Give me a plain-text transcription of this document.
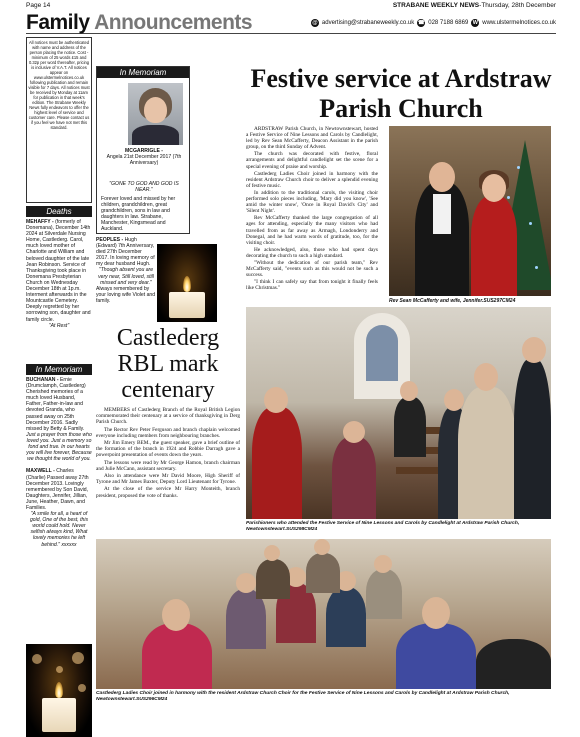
Page 14	STRABANE WEEKLY NEWS-Thursday, 28th December
Family Announcements	@ advertising@strabaneweekly.co.uk ☎ 028 7188 6869 W www.ulstermelnotices.co.uk
All notices must be authenticated with name and address of the person placing the notice. Cost - minimum of 25 words £15 and 0.32p per word thereafter, pricing is inclusive of V.A.T. All notices appear on www.ulstermelnotices.co.uk following publication and remain visible for 7 days. All notices must be received by Monday at 11am for publication in that week's edition. The Strabane Weekly News fully endeavors to offer the highest level of service and customer care. Please contact us if you feel we have not met this standard.
Deaths
MEHAFFY - (formerly of Donemana), December 14th 2024 at Silverdale Nursing Home, Castlederg. Carol, much loved mother of Charlotte and William and beloved daughter of the late Jean Robinson. Service of Thanksgiving took place in Donemana Presbyterian Church on Wednesday December 18th at 1p.m. Interment afterwards in the Mountcastle Cemetery. Deeply regretted by her sorrowing son, daughter and family circle.
"At Rest"
In Memoriam
BUCHANAN - Ernie (Drumclamph, Castlederg) Cherished memories of a much loved Husband, Father, Father-in-law and devoted Granda, who passed away on 25th December 2016. Sadly missed by Betty & Family.
Just a prayer from those who loved you. Just a memory so fond and true. In our hearts you will live forever, Because we thought the world of you.

MAXWELL - Charles (Charlie) Passed away 27th December 2013. Lovingly remembered by Son David, Daughters, Jennifer, Jillian, June, Heather, Dawn, and Families.
"A smile for all, a heart of gold, One of the best, this world could hold. Never selfish always kind, What lovely memories he left behind." xxxxxx
In Memoriam
MCGARRIGLE -
Angela 21st December 2017 (7th Anniversary)
"GONE TO GOD AND GOD IS NEAR."
Forever loved and missed by her children, grandchildren, great grandchildren, sons in law and daughters in law. Strabane, Manchester, Kingsmead and Auckland.
PEOPLES - Hugh (Edward) 7th Anniversary, died 27th December 2017. In loving memory of my dear husband Hugh.
"Though absent you are very near, Still loved, still missed and very dear."
Always remembered by your loving wife Violet and family.
Castlederg RBL mark centenary

MEMBERS of Castlederg Branch of the Royal British Legion commemorated their centenary at a service of thanksgiving in Derg Parish Church.

The Rector Rev Peter Ferguson and branch chaplain welcomed everyone including members from neighbouring branches.

Mr Jim Emery BEM., the guest speaker, gave a brief outline of the formation of the branch in 1924 and Robbie Darragh gave a powerpoint presentation of events down the years.

The lessons were read by Mr George Hamon, branch chairman and Julie McCann, assistant secretary.

Also in attendance were Mr David Moore, High Sheriff of Tyrone and Mr James Baxter, Deputy Lord Lieutenant for Tyrone.

At the close of the service Mr Harry Monteith, branch president, proposed the vote of thanks.

Festive service at Ardstraw Parish Church

ARDSTRAW Parish Church, in Newtownstewart, hosted a Festive Service of Nine Lessons and Carols by Candlelight, led by Rev Sean McCafferty, Deacon Assistant in the parish group, on the third Sunday of Advent.

The church was decorated with festive, floral arrangements and delightful candlelight set the scene for a special evening of praise and worship.

Castlederg Ladies Choir joined in harmony with the resident Ardstraw Church choir to deliver a splendid evening of festive music.

In addition to the traditional carols, the visiting choir performed solo pieces including, 'Mary did you know', 'See amid the winter snow', 'Once in Royal David's City' and 'Silent Night'.

Rev McCafferty thanked the large congregation of all ages for attending, especially the many visitors who had travelled from as far away as Armagh, Londonderry and Donegal, and he had warm words of gratitude, too, for the visiting choir.

He acknowledged, also, those who had spent days decorating the church to such a high standard.

"Without the dedication of our parish team," Rev McCafferty said, "events such as this would not be such a success.

"I think I can safely say that from tonight it finally feels like Christmas."

Rev Sean McCafferty and wife, Jennifer.SUS297CM24
Parishioners who attended the Festive Service of Nine Lessons and Carols by Candlelight at Ardstraw Parish Church, Newtownstewart.SUS298CM24
Castlederg Ladies Choir joined in harmony with the resident Ardstraw Church Choir for the Festive Service of Nine Lessons and Carols by Candlelight at Ardstraw Parish Church, Newtownstewart.SUS296CM24
